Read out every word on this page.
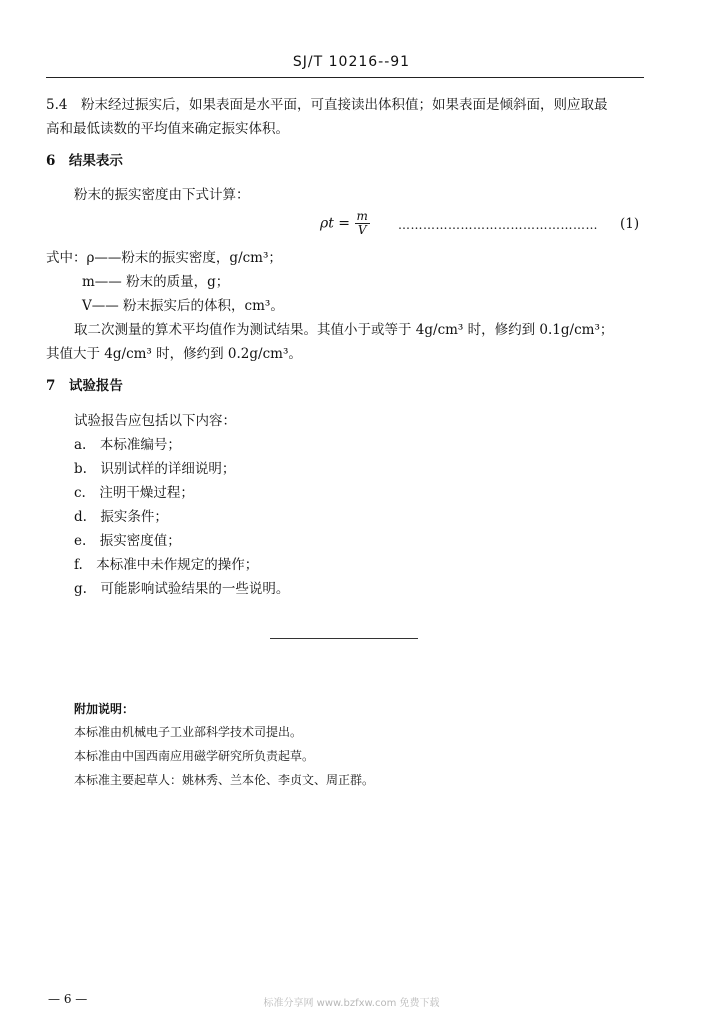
SJ/T 10216--91
5.4　粉末经过振实后，如果表面是水平面，可直接读出体积值；如果表面是倾斜面，则应取最
高和最低读数的平均值来确定振实体积。
6　结果表示
粉末的振实密度由下式计算：
$\rho t = \frac{m}{V}$ ………………………………………… (1)
式中：ρ——粉末的振实密度，g/cm³；
m—— 粉末的质量，g；
V—— 粉末振实后的体积，cm³。
取二次测量的算术平均值作为测试结果。其值小于或等于 4g/cm³ 时，修约到 0.1g/cm³；
其值大于 4g/cm³ 时，修约到 0.2g/cm³。
7　试验报告
试验报告应包括以下内容：
a.　本标准编号；
b.　识别试样的详细说明；
c.　注明干燥过程；
d.　振实条件；
e.　振实密度值；
f.　本标准中未作规定的操作；
g.　可能影响试验结果的一些说明。
附加说明：
本标准由机械电子工业部科学技术司提出。
本标准由中国西南应用磁学研究所负责起草。
本标准主要起草人：姚林秀、兰本伦、李贞文、周正群。
— 6 —	标准分享网 www.bzfxw.com 免费下载
